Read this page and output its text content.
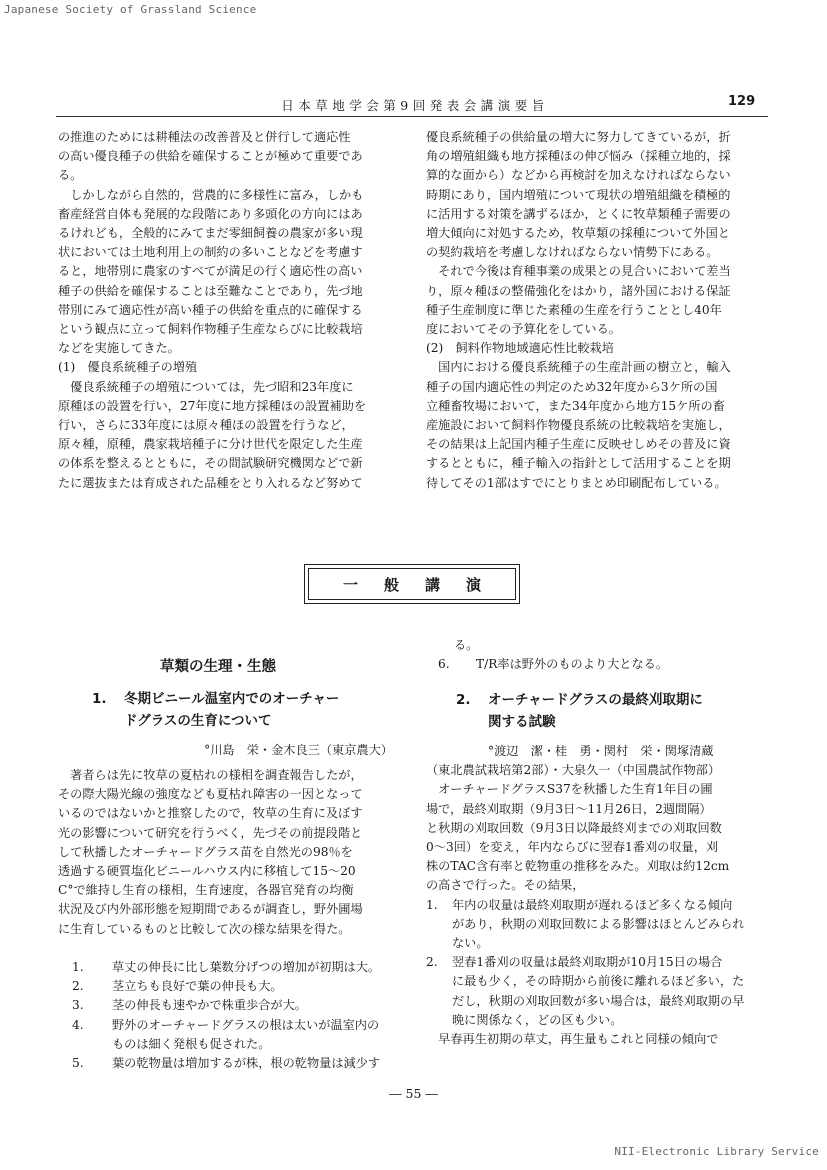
Japanese Society of Grassland Science
日本草地学会第9回発表会講演要旨	129

の推進のためには耕種法の改善普及と併行して適応性

の高い優良種子の供給を確保することが極めて重要であ

る。

　しかしながら自然的，営農的に多様性に富み，しかも

畜産経営自体も発展的な段階にあり多頭化の方向にはあ

るけれども，全般的にみてまだ零細飼養の農家が多い現

状においては土地利用上の制約の多いことなどを考慮す

ると，地帯別に農家のすべてが満足の行く適応性の高い

種子の供給を確保することは至難なことであり，先づ地

帯別にみて適応性が高い種子の供給を重点的に確保する

という観点に立って飼料作物種子生産ならびに比較栽培

などを実施してきた。

(1)　優良系統種子の増殖

　優良系統種子の増殖については，先づ昭和23年度に

原種ほの設置を行い，27年度に地方採種ほの設置補助を

行い，さらに33年度には原々種ほの設置を行うなど，

原々種，原種，農家栽培種子に分け世代を限定した生産

の体系を整えるとともに，その間試験研究機関などで新

たに選抜または育成された品種をとり入れるなど努めて

優良系統種子の供給量の増大に努力してきているが，折

角の増殖組織も地方採種ほの伸び悩み（採種立地的，採

算的な面から）などから再検討を加えなければならない

時期にあり，国内増殖について現状の増殖組織を積極的

に活用する対策を講ずるほか，とくに牧草類種子需要の

増大傾向に対処するため，牧草類の採種について外国と

の契約栽培を考慮しなければならない情勢下にある。

　それで今後は育種事業の成果との見合いにおいて差当

り，原々種ほの整備強化をはかり，諸外国における保証

種子生産制度に準じた素種の生産を行うこととし40年

度においてその予算化をしている。

(2)　飼料作物地域適応性比較栽培

　国内における優良系統種子の生産計画の樹立と，輸入

種子の国内適応性の判定のため32年度から3ケ所の国

立種畜牧場において，また34年度から地方15ケ所の畜

産施設において飼料作物優良系統の比較栽培を実施し，

その結果は上記国内種子生産に反映せしめその普及に資

するとともに，種子輸入の指針として活用することを期

待してその1部はすでにとりまとめ印刷配布している。

一般講演
草類の生理・生態
1. 冬期ビニール温室内でのオーチャー
ドグラスの生育について
°川島　栄・金木良三（東京農大）

　著者らは先に牧草の夏枯れの様相を調査報告したが，

その際大陽光線の強度なども夏枯れ障害の一因となって

いるのではないかと推察したので，牧草の生育に及ぼす

光の影響について研究を行うべく，先づその前提段階と

して秋播したオーチャードグラス苗を自然光の98％を

透過する硬質塩化ビニールハウス内に移植して15～20

C°で維持し生育の様相，生育速度，各器官発育の均衡

状況及び内外部形態を短期間であるが調査し，野外圃場

に生育しているものと比較して次の様な結果を得た。

1.	草丈の伸長に比し葉数分げつの増加が初期は大。
2.	茎立ちも良好で葉の伸長も大。
3.	茎の伸長も速やかで株重歩合が大。
4.	野外のオーチャードグラスの根は太いが温室内の
ものは細く発根も促された。
5.	葉の乾物量は増加するが株，根の乾物量は減少す

る。

6.	T/R率は野外のものより大となる。
2. オーチャードグラスの最終刈取期に
関する試験

°渡辺　潔・桂　勇・関村　栄・関塚清蔵

（東北農試栽培第2部）・大泉久一（中国農試作物部）

　オーチャードグラスS37を秋播した生育1年目の圃

場で，最終刈取期（9月3日～11月26日，2週間隔）

と秋期の刈取回数（9月3日以降最終刈までの刈取回数

0～3回）を変え，年内ならびに翌春1番刈の収量，刈

株のTAC含有率と乾物重の推移をみた。刈取は約12cm

の高さで行った。その結果，

1.	年内の収量は最終刈取期が遅れるほど多くなる傾向
があり，秋期の刈取回数による影響はほとんどみられ
ない。
2.	翌春1番刈の収量は最終刈取期が10月15日の場合
に最も少く，その時期から前後に離れるほど多い，た
だし，秋期の刈取回数が多い場合は，最終刈取期の早
晩に関係なく，どの区も少い。

　早春再生初期の草丈，再生量もこれと同様の傾向で

― 55 ―
NII-Electronic Library Service
